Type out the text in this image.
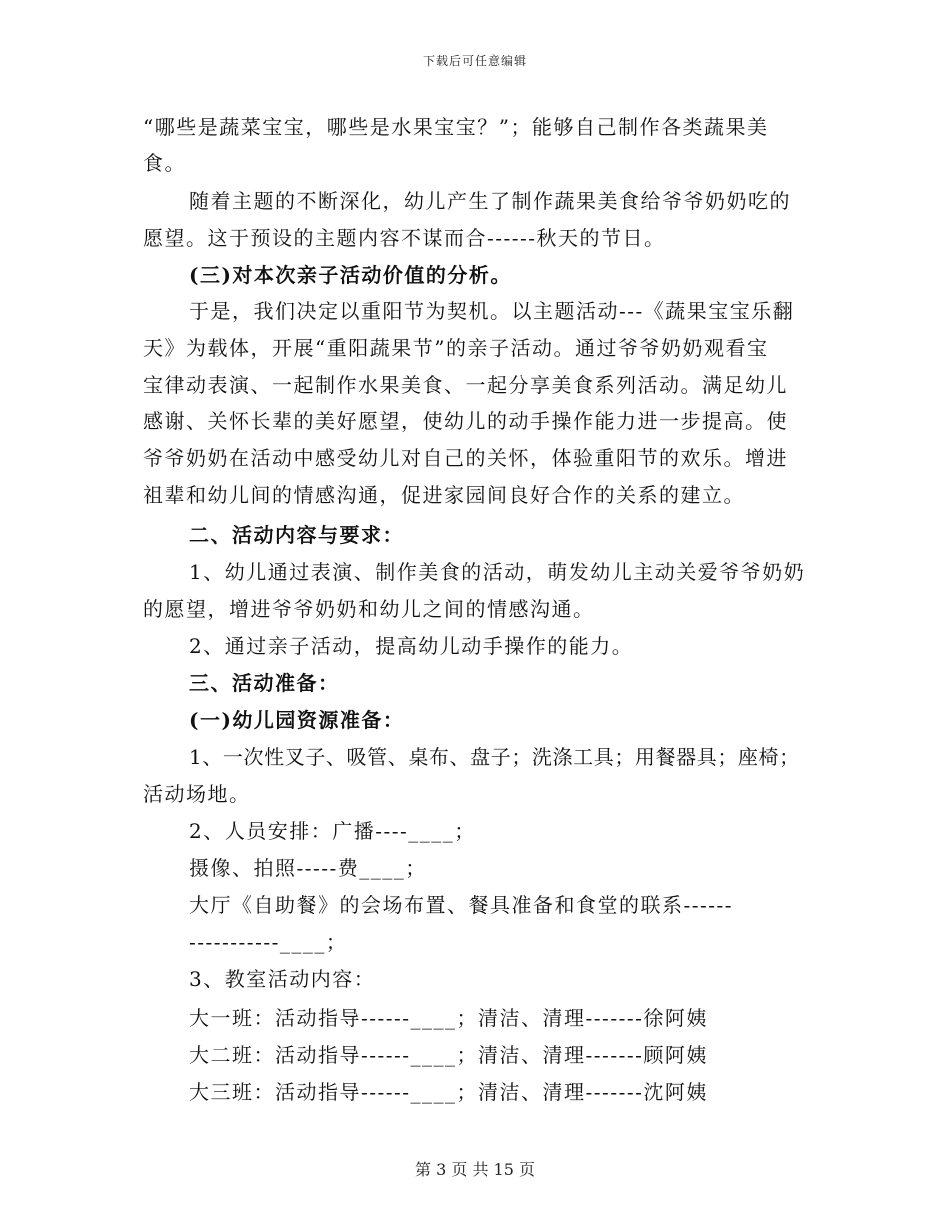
下载后可任意编辑
“哪些是蔬菜宝宝，哪些是水果宝宝？”；能够自己制作各类蔬果美
食。
随着主题的不断深化，幼儿产生了制作蔬果美食给爷爷奶奶吃的
愿望。这于预设的主题内容不谋而合------秋天的节日。
(三)对本次亲子活动价值的分析。
于是，我们决定以重阳节为契机。以主题活动---《蔬果宝宝乐翻
天》为载体，开展“重阳蔬果节”的亲子活动。通过爷爷奶奶观看宝
宝律动表演、一起制作水果美食、一起分享美食系列活动。满足幼儿
感谢、关怀长辈的美好愿望，使幼儿的动手操作能力进一步提高。使
爷爷奶奶在活动中感受幼儿对自己的关怀，体验重阳节的欢乐。增进
祖辈和幼儿间的情感沟通，促进家园间良好合作的关系的建立。
二、活动内容与要求：
1、幼儿通过表演、制作美食的活动，萌发幼儿主动关爱爷爷奶奶
的愿望，增进爷爷奶奶和幼儿之间的情感沟通。
2、通过亲子活动，提高幼儿动手操作的能力。
三、活动准备：
(一)幼儿园资源准备：
1、一次性叉子、吸管、桌布、盘子；洗涤工具；用餐器具；座椅；
活动场地。
2、人员安排：广播----____；
摄像、拍照-----费____；
大厅《自助餐》的会场布置、餐具准备和食堂的联系------
-----------____；
3、教室活动内容：
大一班：活动指导------____；清洁、清理-------徐阿姨
大二班：活动指导------____；清洁、清理-------顾阿姨
大三班：活动指导------____；清洁、清理-------沈阿姨
第 3 页 共 15 页
